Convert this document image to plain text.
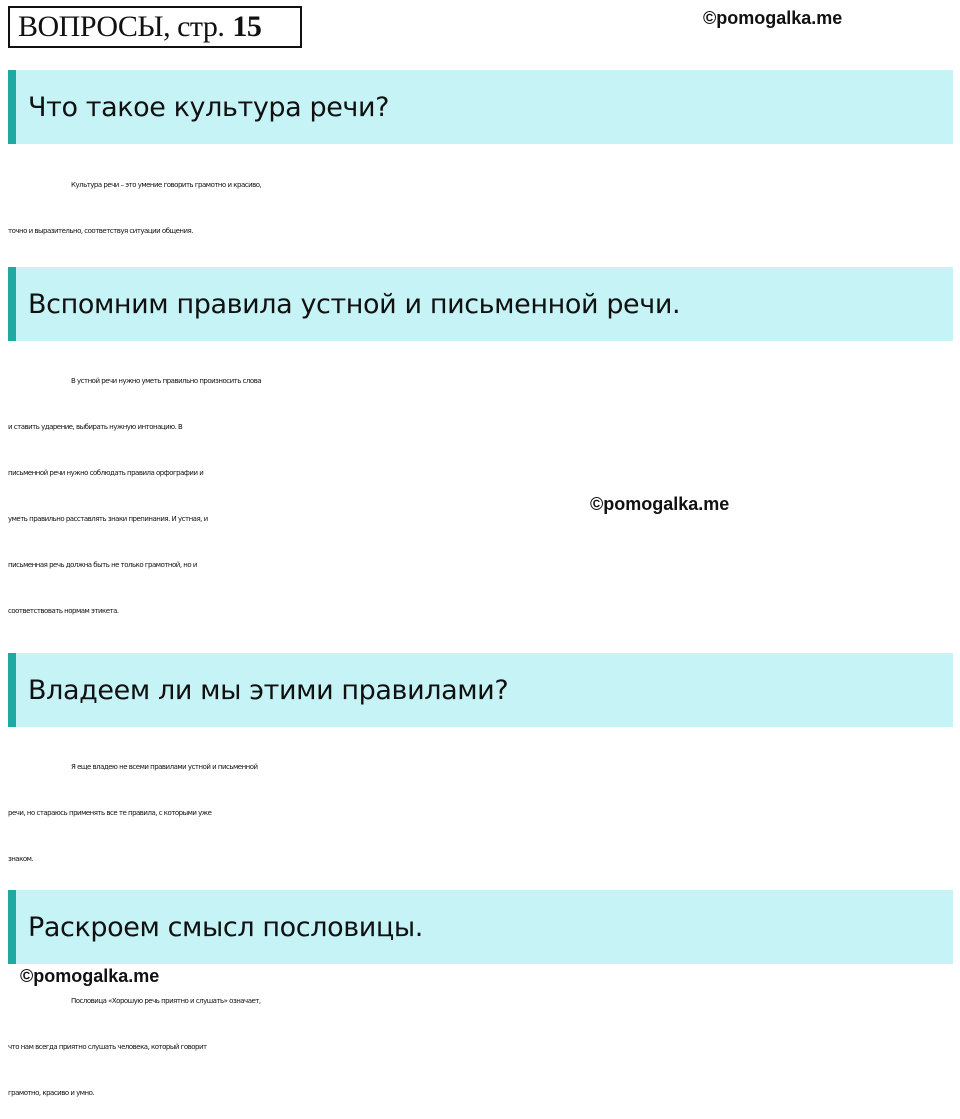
ВОПРОСЫ, стр. 15	©pomogalka.me
Что такое культура речи?

Культура речи – это умение говорить грамотно и красиво,
точно и выразительно, соответствуя ситуации общения.

Вспомним правила устной и письменной речи.

В устной речи нужно уметь правильно произносить слова
и ставить ударение, выбирать нужную интонацию. В
письменной речи нужно соблюдать правила орфографии и
уметь правильно расставлять знаки препинания. И устная, и
письменная речь должна быть не только грамотной, но и
соответствовать нормам этикета.

©pomogalka.me
Владеем ли мы этими правилами?

Я еще владею не всеми правилами устной и письменной
речи, но стараюсь применять все те правила, с которыми уже
знаком.

Раскроем смысл пословицы.
©pomogalka.me

Пословица «Хорошую речь приятно и слушать» означает,
что нам всегда приятно слушать человека, который говорит
грамотно, красиво и умно.
